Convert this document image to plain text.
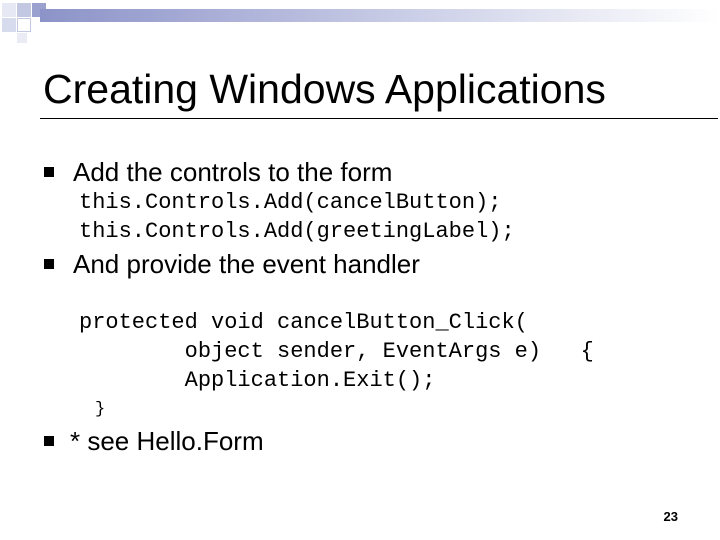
Creating Windows Applications
Add the controls to the form
this.Controls.Add(cancelButton);
this.Controls.Add(greetingLabel);
And provide the event handler
protected void cancelButton_Click(
object sender, EventArgs e)   {
Application.Exit();
}
* see Hello.Form
23
